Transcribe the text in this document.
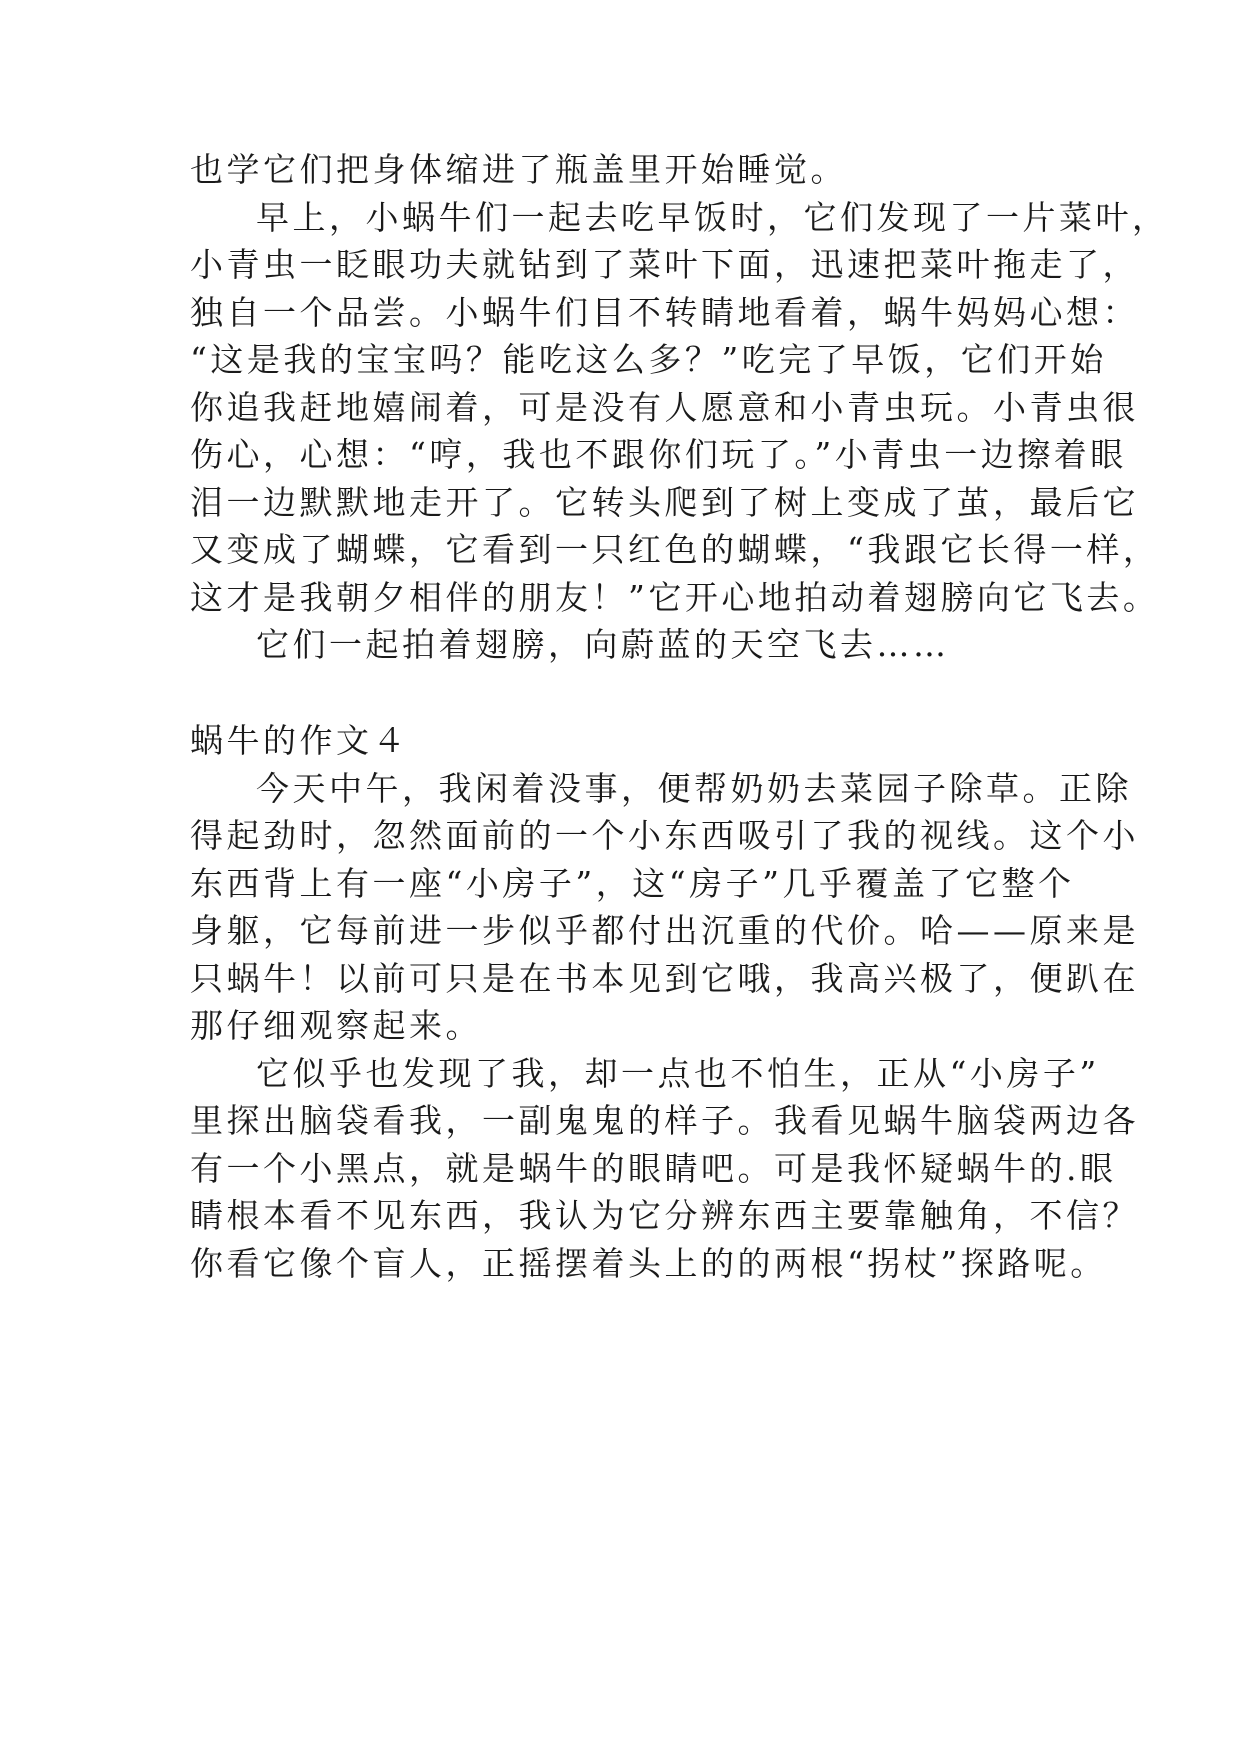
也学它们把身体缩进了瓶盖里开始睡觉。
早上，小蜗牛们一起去吃早饭时，它们发现了一片菜叶，
小青虫一眨眼功夫就钻到了菜叶下面，迅速把菜叶拖走了，
独自一个品尝。小蜗牛们目不转睛地看着，蜗牛妈妈心想：
“这是我的宝宝吗？能吃这么多？”吃完了早饭，它们开始
你追我赶地嬉闹着，可是没有人愿意和小青虫玩。小青虫很
伤心，心想：“哼，我也不跟你们玩了。”小青虫一边擦着眼
泪一边默默地走开了。它转头爬到了树上变成了茧，最后它
又变成了蝴蝶，它看到一只红色的蝴蝶，“我跟它长得一样，
这才是我朝夕相伴的朋友！”它开心地拍动着翅膀向它飞去。
它们一起拍着翅膀，向蔚蓝的天空飞去……
蜗牛的作文４
今天中午，我闲着没事，便帮奶奶去菜园子除草。正除
得起劲时，忽然面前的一个小东西吸引了我的视线。这个小
东西背上有一座“小房子”，这“房子”几乎覆盖了它整个
身躯，它每前进一步似乎都付出沉重的代价。哈——原来是
只蜗牛！以前可只是在书本见到它哦，我高兴极了，便趴在
那仔细观察起来。
它似乎也发现了我，却一点也不怕生，正从“小房子”
里探出脑袋看我，一副鬼鬼的样子。我看见蜗牛脑袋两边各
有一个小黑点，就是蜗牛的眼睛吧。可是我怀疑蜗牛的.眼
睛根本看不见东西，我认为它分辨东西主要靠触角，不信？
你看它像个盲人，正摇摆着头上的的两根“拐杖”探路呢。
